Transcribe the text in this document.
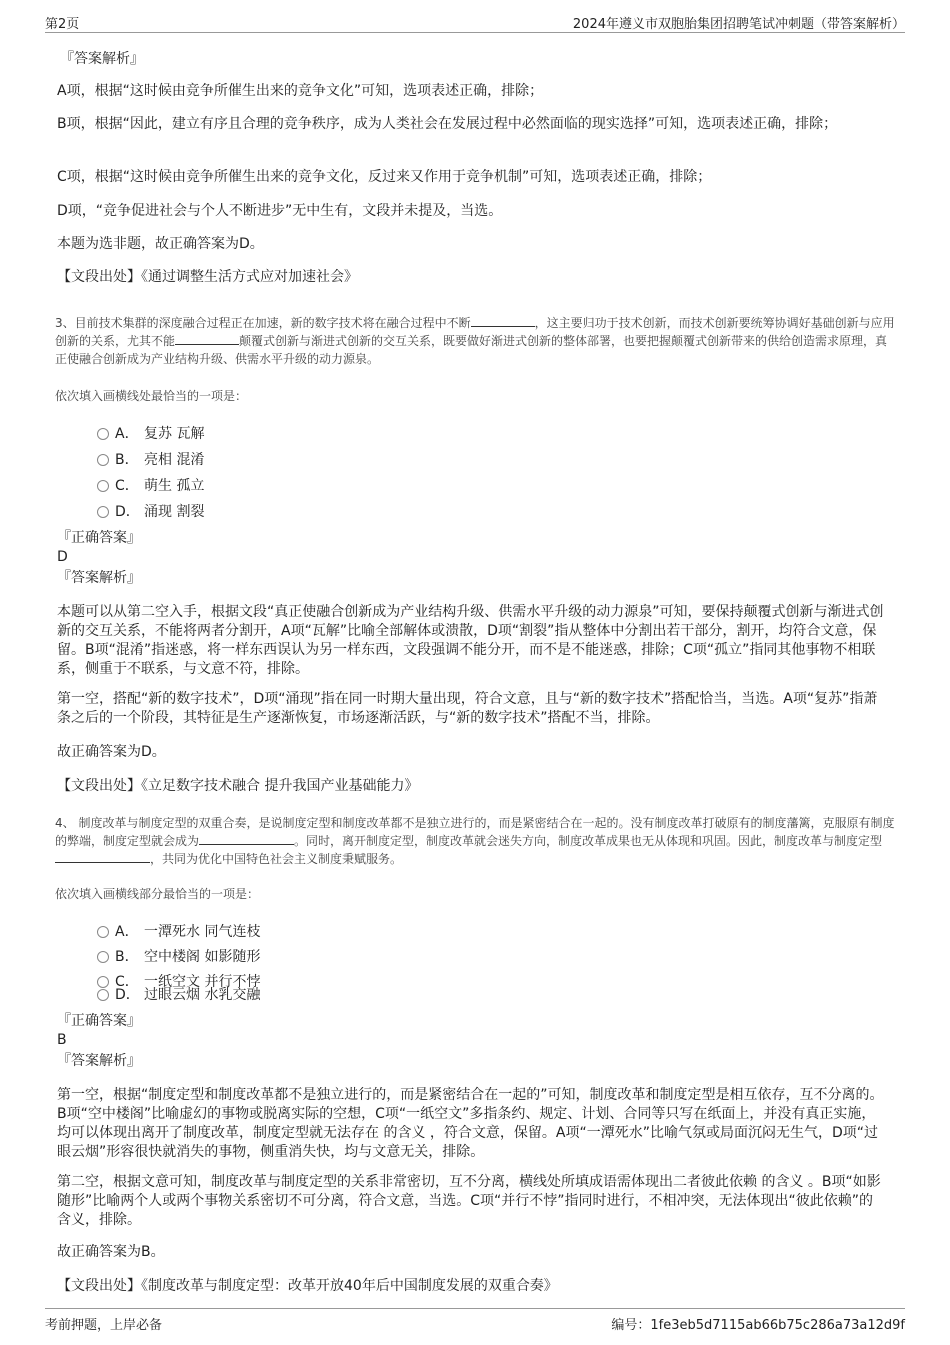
第2页	2024年遵义市双胞胎集团招聘笔试冲刺题（带答案解析）
『答案解析』
A项，根据“这时候由竞争所催生出来的竞争文化”可知，选项表述正确，排除；
B项，根据“因此，建立有序且合理的竞争秩序，成为人类社会在发展过程中必然面临的现实选择”可知，选项表述正确，排除；
C项，根据“这时候由竞争所催生出来的竞争文化，反过来又作用于竞争机制”可知，选项表述正确，排除；
D项，“竞争促进社会与个人不断进步”无中生有，文段并未提及，当选。
本题为选非题，故正确答案为D。
【文段出处】《通过调整生活方式应对加速社会》
3、目前技术集群的深度融合过程正在加速，新的数字技术将在融合过程中不断	，这主要归功于技术创新，而技术创新要统筹协调好基础创新与应用创新的关系，尤其不能	颠覆式创新与渐进式创新的交互关系，既要做好渐进式创新的整体部署，也要把握颠覆式创新带来的供给创造需求原理，真正使融合创新成为产业结构升级、供需水平升级的动力源泉。
依次填入画横线处最恰当的一项是：
A． 复苏 瓦解
B． 亮相 混淆
C． 萌生 孤立
D． 涌现 割裂
『正确答案』
D
『答案解析』
本题可以从第二空入手，根据文段“真正使融合创新成为产业结构升级、供需水平升级的动力源泉”可知，要保持颠覆式创新与渐进式创新的交互关系，不能将两者分割开，A项“瓦解”比喻全部解体或溃散，D项“割裂”指从整体中分割出若干部分，割开，均符合文意，保留。B项“混淆”指迷惑，将一样东西误认为另一样东西，文段强调不能分开，而不是不能迷惑，排除；C项“孤立”指同其他事物不相联系，侧重于不联系，与文意不符，排除。
第一空，搭配“新的数字技术”，D项“涌现”指在同一时期大量出现，符合文意，且与“新的数字技术”搭配恰当，当选。A项“复苏”指萧条之后的一个阶段，其特征是生产逐渐恢复，市场逐渐活跃，与“新的数字技术”搭配不当，排除。
故正确答案为D。
【文段出处】《立足数字技术融合 提升我国产业基础能力》
4、 制度改革与制度定型的双重合奏，是说制度定型和制度改革都不是独立进行的，而是紧密结合在一起的。没有制度改革打破原有的制度藩篱，克服原有制度的弊端，制度定型就会成为	。同时，离开制度定型，制度改革就会迷失方向，制度改革成果也无从体现和巩固。因此，制度改革与制度定型，共同为优化中国特色社会主义制度秉赋服务。
依次填入画横线部分最恰当的一项是：
A． 一潭死水 同气连枝
B． 空中楼阁 如影随形
C． 一纸空文 并行不悖
D． 过眼云烟 水乳交融
『正确答案』
B
『答案解析』
第一空，根据“制度定型和制度改革都不是独立进行的，而是紧密结合在一起的”可知，制度改革和制度定型是相互依存，互不分离的。B项“空中楼阁”比喻虚幻的事物或脱离实际的空想，C项“一纸空文”多指条约、规定、计划、合同等只写在纸面上，并没有真正实施，均可以体现出离开了制度改革，制度定型就无法存在 的含义 ，符合文意，保留。A项“一潭死水”比喻气氛或局面沉闷无生气，D项“过眼云烟”形容很快就消失的事物，侧重消失快，均与文意无关，排除。
第二空，根据文意可知，制度改革与制度定型的关系非常密切，互不分离，横线处所填成语需体现出二者彼此依赖 的含义 。B项“如影随形”比喻两个人或两个事物关系密切不可分离，符合文意，当选。C项“并行不悖”指同时进行，不相冲突，无法体现出“彼此依赖”的含义，排除。
故正确答案为B。
【文段出处】《制度改革与制度定型：改革开放40年后中国制度发展的双重合奏》
考前押题，上岸必备	编号：1fe3eb5d7115ab66b75c286a73a12d9f
